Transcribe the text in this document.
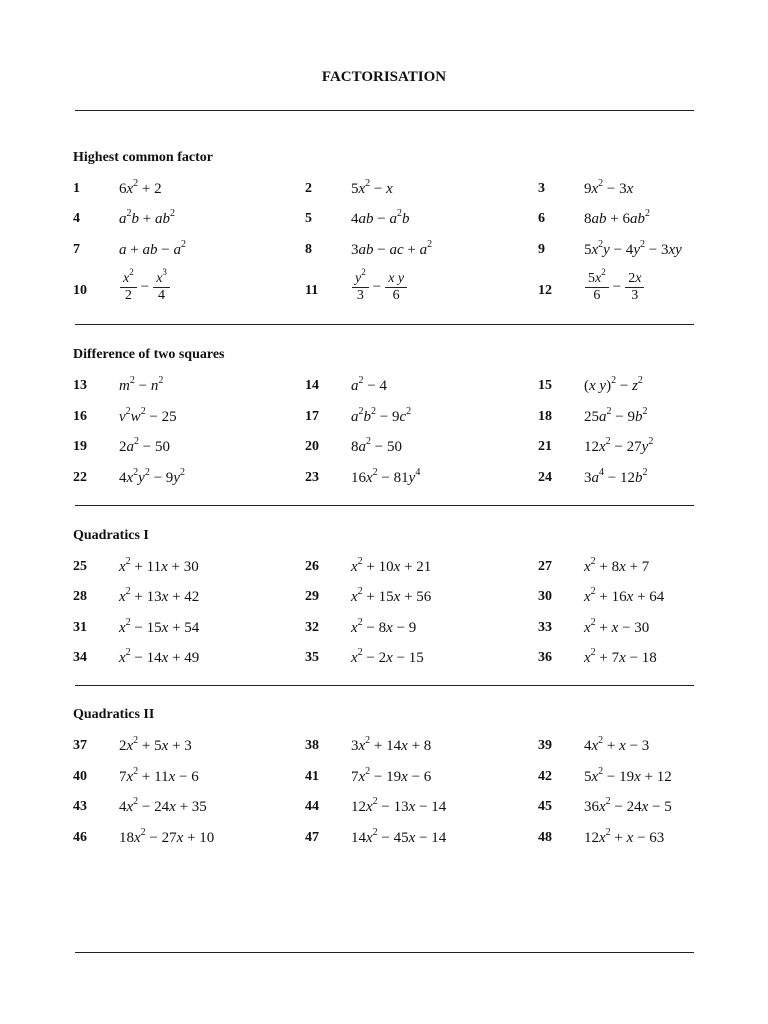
FACTORISATION
Highest common factor
1	$6x^2 + 2$	2	$5x^2 - x$	3	$9x^2 - 3x$
4	$a^2b + ab^2$	5	$4ab - a^2b$	6	$8ab + 6ab^2$
7	a + ab − $a^2$	8	3ab − ac + $a^2$	9	$5x^2y - 4y^2 - 3xy$
$10 \frac{x^2}{2} - \frac{x^3}{4}$	$11 \frac{y^2}{3} - \frac{\text{x y}}{6}$	$12 \frac{5x^2}{6} - \frac{2x}{3}$
Difference of two squares
13 $m^2 - n^2$	14 $a^2 - 4$	15 (x $y)^2 - z^2$
16 $v^2w^2 - 25$	17 $a^2b^2 - 9c^2$	18 $25a^2 - 9b^2$
19 $2a^2 - 50$	20 $8a^2 - 50$	21 $12x^2 - 27y^2$
22 $4x^2y^2 - 9y^2$	23 $16x^2 - 81y^4$	24 $3a^4 - 12b^2$
Quadratics I
25 $x^2 + 11x + 30$	26 $x^2 + 10x + 21$	27 $x^2 + 8x + 7$
28 $x^2 + 13x + 42$	29 $x^2 + 15x + 56$	30 $x^2 + 16x + 64$
31 $x^2 - 15x + 54$	32 $x^2 - 8x - 9$	33 $x^2 + x - 30$
34 $x^2 - 14x + 49$	35 $x^2 - 2x - 15$	36 $x^2 + 7x - 18$
Quadratics II
37 $2x^2 + 5x + 3$	38 $3x^2 + 14x + 8$	39 $4x^2 + x - 3$
40 $7x^2 + 11x - 6$	41 $7x^2 - 19x - 6$	42 $5x^2 - 19x + 12$
43 $4x^2 - 24x + 35$	44 $12x^2 - 13x - 14$	45 $36x^2 - 24x - 5$
46 $18x^2 - 27x + 10$	47 $14x^2 - 45x - 14$	48 $12x^2 + x - 63$
